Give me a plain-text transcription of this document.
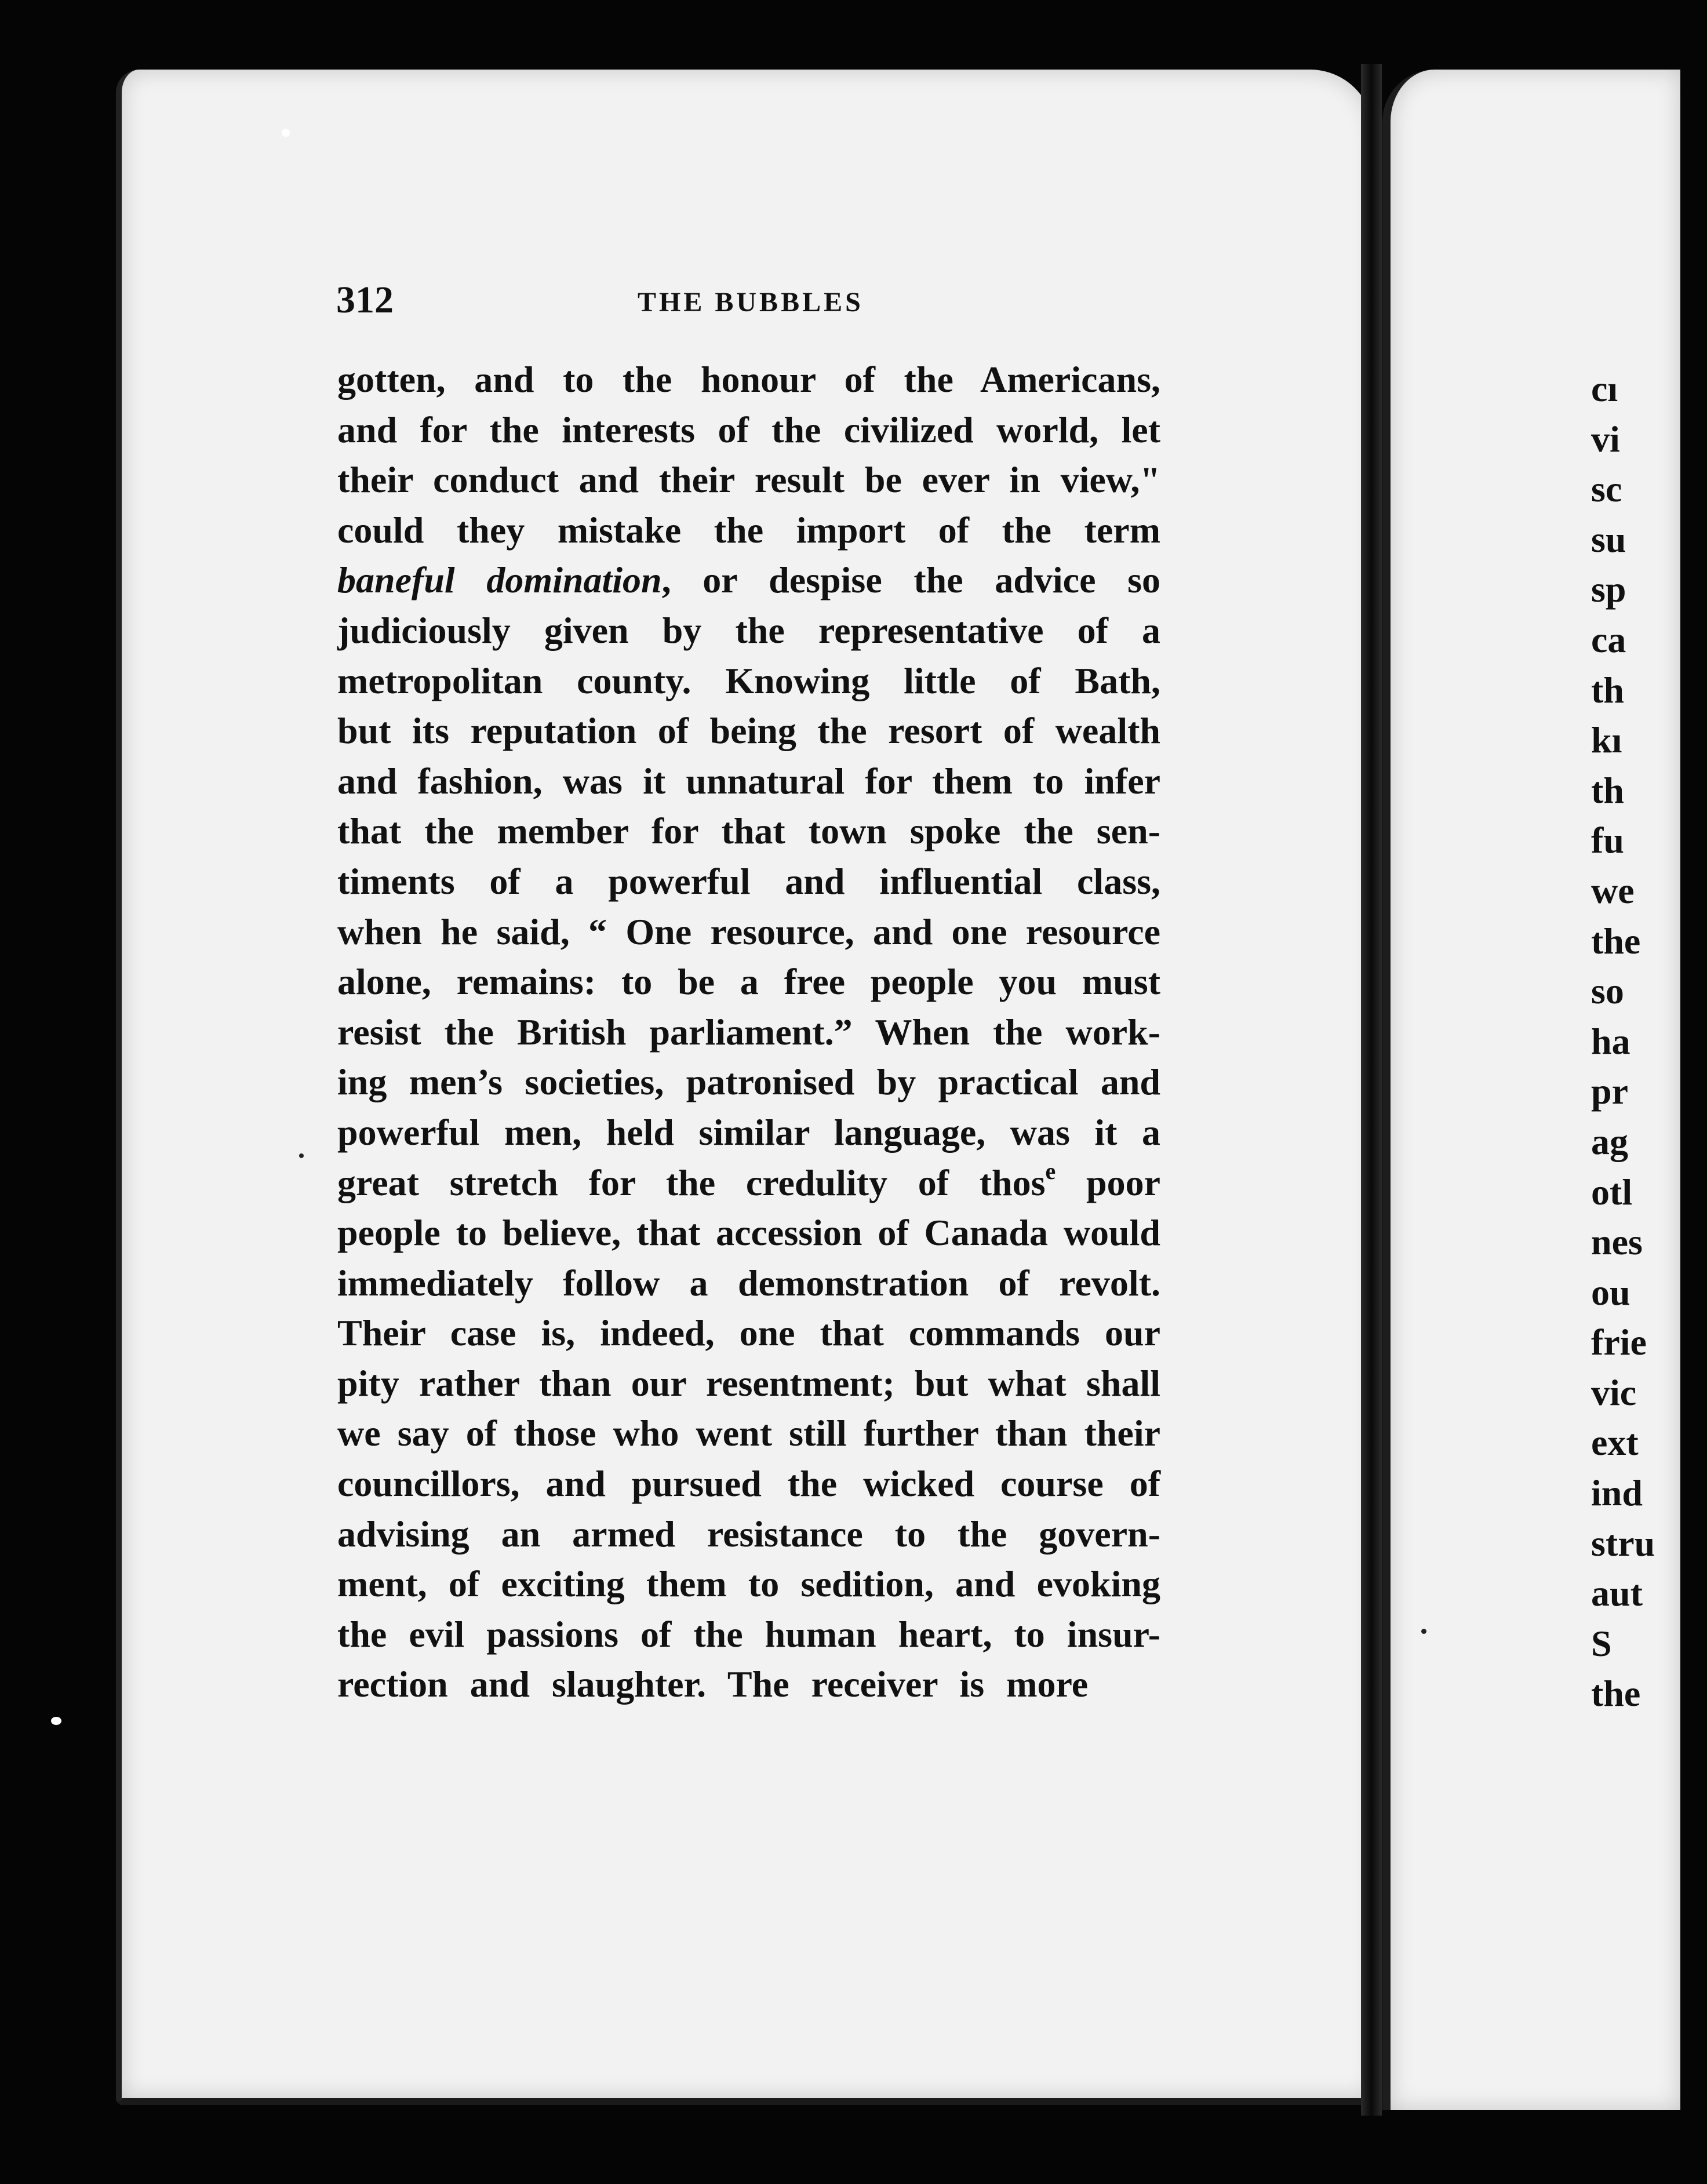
312	THE BUBBLES
gotten, and to the honour of the Americans,
and for the interests of the civilized world, let
their conduct and their result be ever in view,"
could they mistake the import of the term
baneful domination, or despise the advice so
judiciously given by the representative of a
metropolitan county. Knowing little of Bath,
but its reputation of being the resort of wealth
and fashion, was it unnatural for them to infer
that the member for that town spoke the sen-
timents of a powerful and influential class,
when he said, “ One resource, and one resource
alone, remains: to be a free people you must
resist the British parliament.” When the work-
ing men’s societies, patronised by practical and
powerful men, held similar language, was it a
great stretch for the credulity of thos$^e$ poor
people to believe, that accession of Canada would
immediately follow a demonstration of revolt.
Their case is, indeed, one that commands our
pity rather than our resentment; but what shall
we say of those who went still further than their
councillors, and pursued the wicked course of
advising an armed resistance to the govern-
ment, of exciting them to sedition, and evoking
the evil passions of the human heart, to insur-
rection and slaughter. The receiver is more
cı
vi
sc
su
sp
ca
th
kı
th
fu
we
the
so
ha
pr
ag
otl
nes
ou
frie
vic
ext
ind
stru
aut
S
the
